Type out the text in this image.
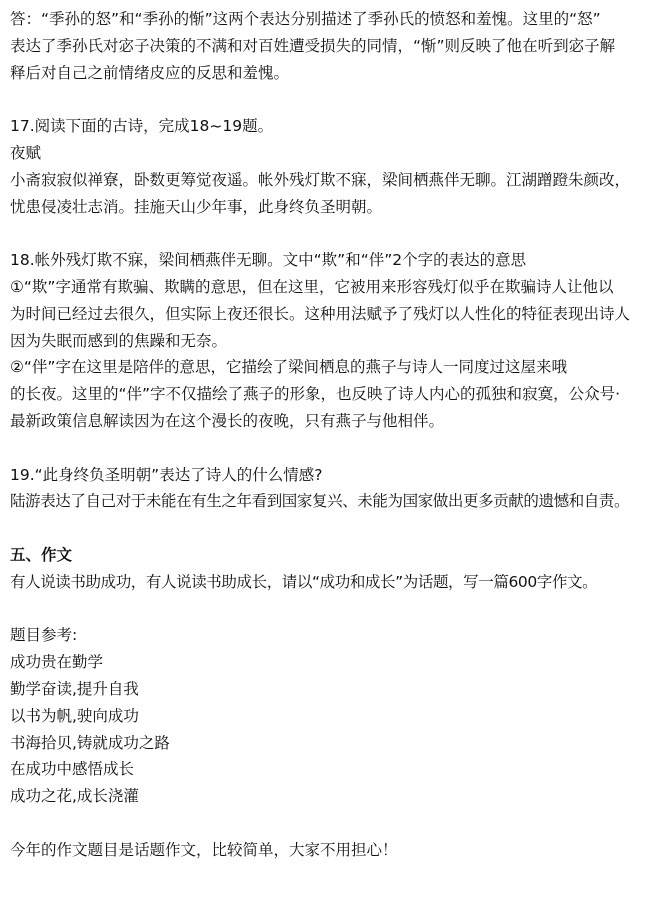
答：“季孙的怒”和“季孙的惭”这两个表达分别描述了季孙氏的愤怒和羞愧。这里的“怒”
表达了季孙氏对宓子决策的不满和对百姓遭受损失的同情，“惭”则反映了他在听到宓子解
释后对自己之前情绪皮应的反思和羞愧。
17.阅读下面的古诗，完成18~19题。
夜赋
小斋寂寂似禅寮，卧数更筹觉夜遥。帐外残灯欺不寐，梁间栖燕伴无聊。江湖蹭蹬朱颜改，
忧患侵凌壮志消。挂施天山少年事，此身终负圣明朝。
18.帐外残灯欺不寐，梁间栖燕伴无聊。文中“欺”和“伴”2个字的表达的意思
①“欺”字通常有欺骗、欺瞒的意思，但在这里，它被用来形容残灯似乎在欺骗诗人让他以
为时间已经过去很久，但实际上夜还很长。这种用法赋予了残灯以人性化的特征表现出诗人
因为失眠而感到的焦躁和无奈。
②“伴”字在这里是陪伴的意思，它描绘了梁间栖息的燕子与诗人一同度过这屋来哦
的长夜。这里的“伴”字不仅描绘了燕子的形象，也反映了诗人内心的孤独和寂寞，公众号·
最新政策信息解读因为在这个漫长的夜晚，只有燕子与他相伴。
19.“此身终负圣明朝”表达了诗人的什么情感?
陆游表达了自己对于未能在有生之年看到国家复兴、未能为国家做出更多贡献的遗憾和自责。
五、作文
有人说读书助成功，有人说读书助成长，请以“成功和成长”为话题，写一篇600字作文。
题目参考:
成功贵在勤学
勤学奋读,提升自我
以书为帆,驶向成功
书海拾贝,铸就成功之路
在成功中感悟成长
成功之花,成长浇灌
今年的作文题目是话题作文，比较简单，大家不用担心！
